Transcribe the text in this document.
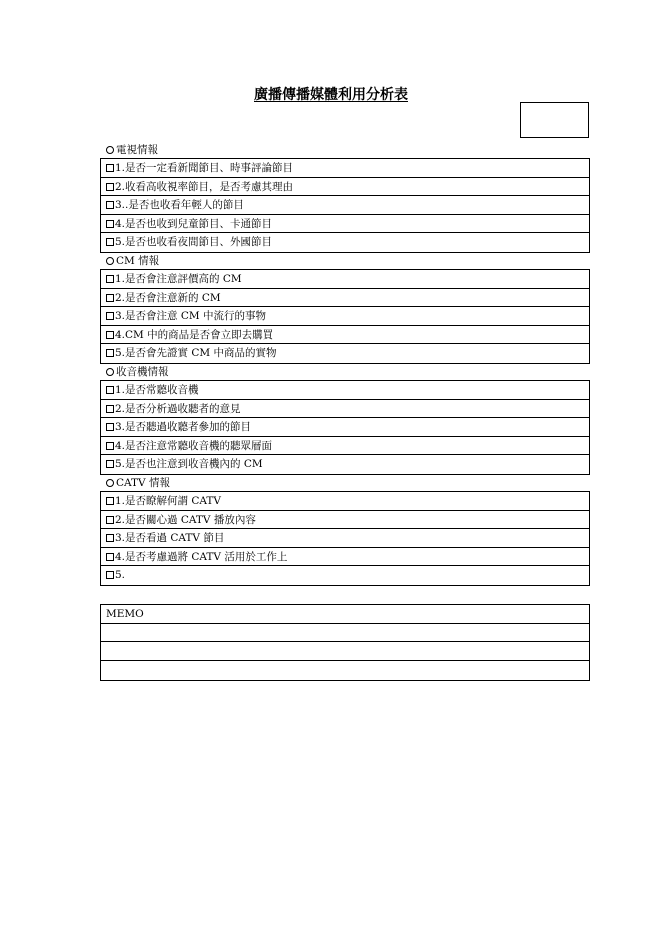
廣播傳播媒體利用分析表
電視情報
1.是否一定看新聞節目、時事評論節目
2.收看高收視率節目，是否考慮其理由
3..是否也收看年輕人的節目
4.是否也收到兒童節目、卡通節目
5.是否也收看夜間節目、外國節目
CM 情報
1.是否會注意評價高的 CM
2.是否會注意新的 CM
3.是否會注意 CM 中流行的事物
4.CM 中的商品是否會立即去購買
5.是否會先證實 CM 中商品的實物
收音機情報
1.是否常聽收音機
2.是否分析過收聽者的意見
3.是否聽過收聽者參加的節目
4.是否注意常聽收音機的聽眾層面
5.是否也注意到收音機內的 CM
CATV 情報
1.是否瞭解何謂 CATV
2.是否關心過 CATV 播放內容
3.是否看過 CATV 節目
4.是否考慮過將 CATV 活用於工作上
5.
MEMO
